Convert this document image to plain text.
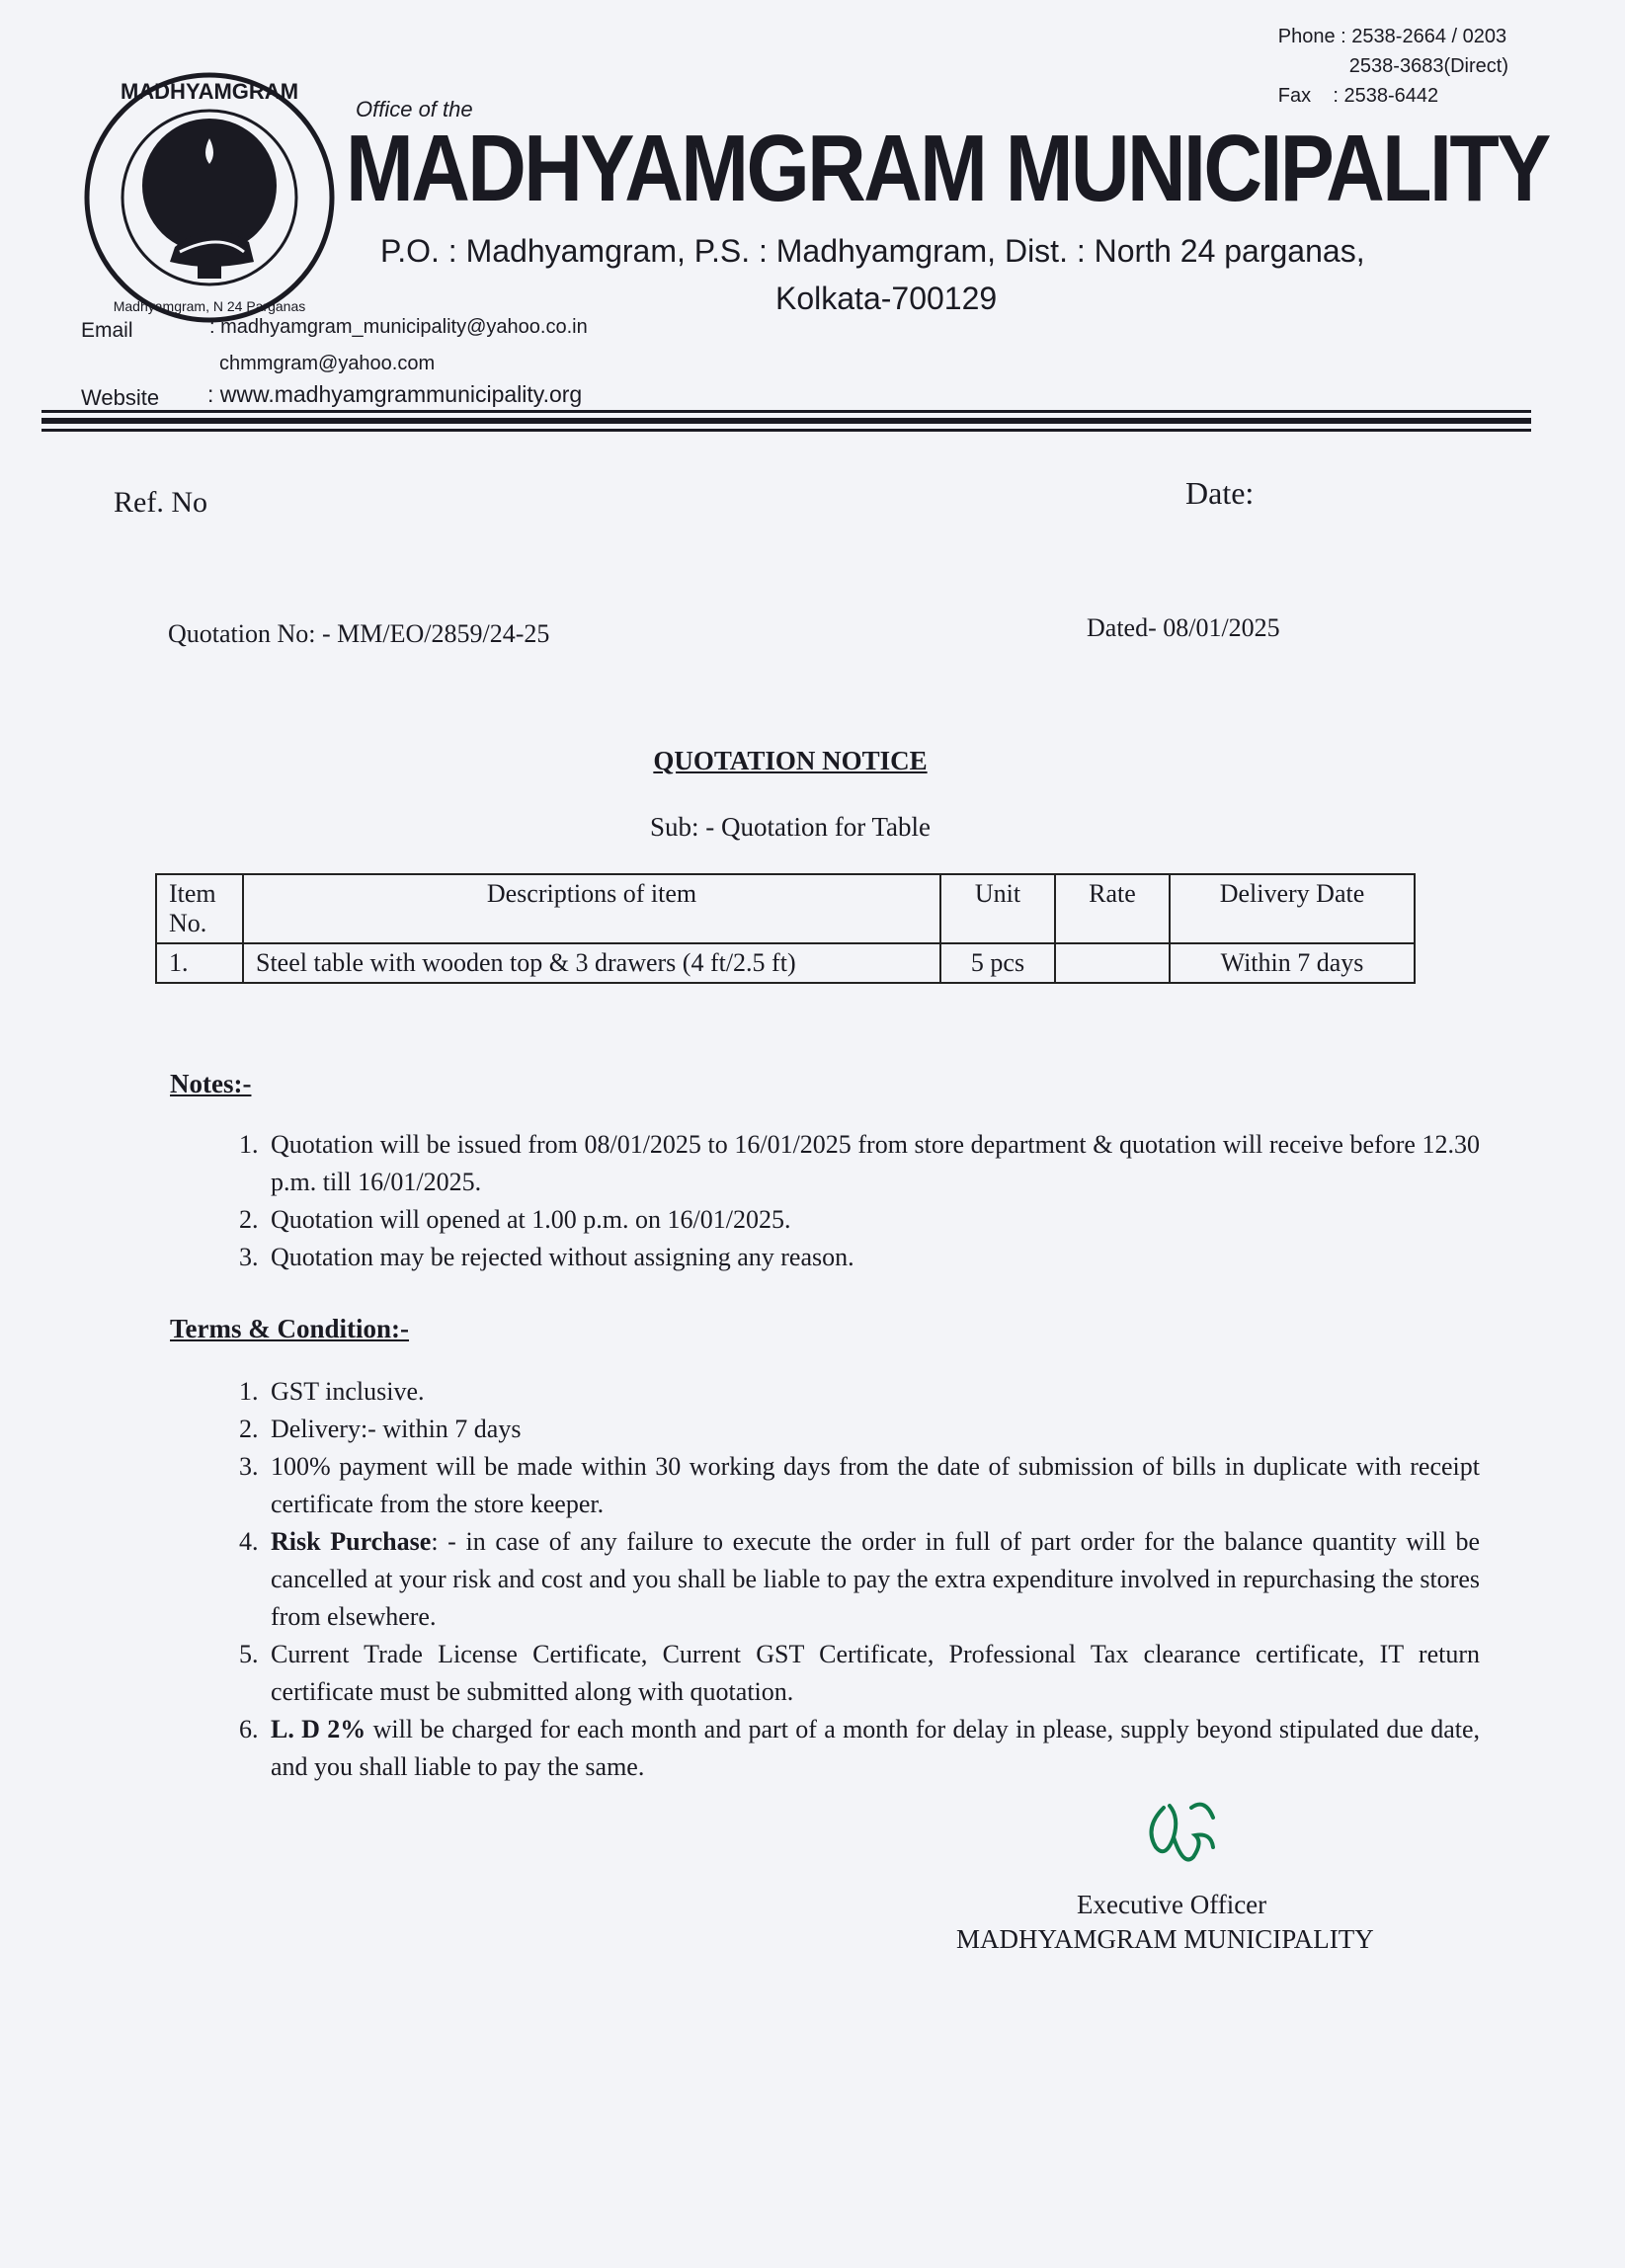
MADHYAMGRAM
Madhyamgram, N 24 Parganas
Phone : 2538-2664 / 0203
2538-3683(Direct)
Fax    : 2538-6442
Office of the
MADHYAMGRAM MUNICIPALITY
P.O. : Madhyamgram, P.S. : Madhyamgram, Dist. : North 24 parganas,
Kolkata-700129
Email	: madhyamgram_municipality@yahoo.co.in
chmmgram@yahoo.com
Website : www.madhyamgrammunicipality.org
Ref. No	Date:
Quotation No: - MM/EO/2859/24-25	Dated- 08/01/2025
QUOTATION NOTICE
Sub: - Quotation for Table
Item No.	Descriptions of item	Unit	Rate	Delivery Date
1.	Steel table with wooden top & 3 drawers (4 ft/2.5 ft)	5 pcs		Within 7 days
Notes:-
1. Quotation will be issued from 08/01/2025 to 16/01/2025 from store department & quotation will receive before 12.30 p.m. till 16/01/2025.
2. Quotation will opened at 1.00 p.m. on 16/01/2025.
3. Quotation may be rejected without assigning any reason.
Terms & Condition:-
1. GST inclusive.
2. Delivery:- within 7 days
3. 100% payment will be made within 30 working days from the date of submission of bills in duplicate with receipt certificate from the store keeper.
4. Risk Purchase: - in case of any failure to execute the order in full of part order for the balance quantity will be cancelled at your risk and cost and you shall be liable to pay the extra expenditure involved in repurchasing the stores from elsewhere.
5. Current Trade License Certificate, Current GST Certificate, Professional Tax clearance certificate, IT return certificate must be submitted along with quotation.
6. L. D 2% will be charged for each month and part of a month for delay in please, supply beyond stipulated due date, and you shall liable to pay the same.
Executive Officer
MADHYAMGRAM MUNICIPALITY
